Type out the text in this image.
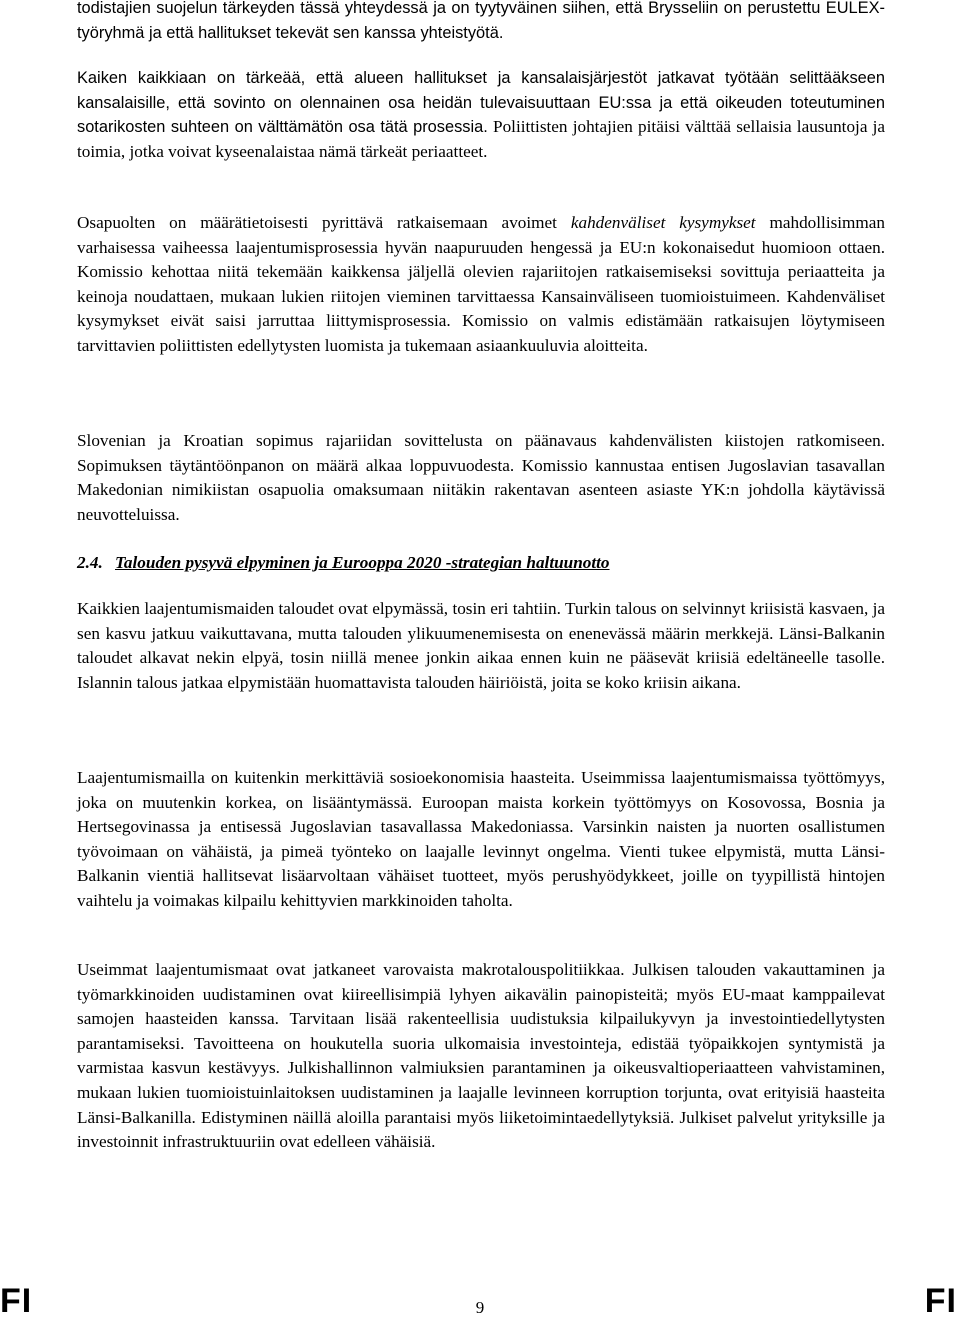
todistajien suojelun tärkeyden tässä yhteydessä ja on tyytyväinen siihen, että Brysseliin on perustettu EULEX-työryhmä ja että hallitukset tekevät sen kanssa yhteistyötä.

Kaiken kaikkiaan on tärkeää, että alueen hallitukset ja kansalaisjärjestöt jatkavat työtään selittääkseen kansalaisille, että sovinto on olennainen osa heidän tulevaisuuttaan EU:ssa ja että oikeuden toteutuminen sotarikosten suhteen on välttämätön osa tätä prosessia. Poliittisten johtajien pitäisi välttää sellaisia lausuntoja ja toimia, jotka voivat kyseenalaistaa nämä tärkeät periaatteet.

Osapuolten on määrätietoisesti pyrittävä ratkaisemaan avoimet kahdenväliset kysymykset mahdollisimman varhaisessa vaiheessa laajentumisprosessia hyvän naapuruuden hengessä ja EU:n kokonaisedut huomioon ottaen. Komissio kehottaa niitä tekemään kaikkensa jäljellä olevien rajariitojen ratkaisemiseksi sovittuja periaatteita ja keinoja noudattaen, mukaan lukien riitojen vieminen tarvittaessa Kansainväliseen tuomioistuimeen. Kahdenväliset kysymykset eivät saisi jarruttaa liittymisprosessia. Komissio on valmis edistämään ratkaisujen löytymiseen tarvittavien poliittisten edellytysten luomista ja tukemaan asiaankuuluvia aloitteita.

Slovenian ja Kroatian sopimus rajariidan sovittelusta on päänavaus kahdenvälisten kiistojen ratkomiseen. Sopimuksen täytäntöönpanon on määrä alkaa loppuvuodesta. Komissio kannustaa entisen Jugoslavian tasavallan Makedonian nimikiistan osapuolia omaksumaan niitäkin rakentavan asenteen asiaste YK:n johdolla käytävissä neuvotteluissa.

2.4. Talouden pysyvä elpyminen ja Eurooppa 2020 -strategian haltuunotto

Kaikkien laajentumismaiden taloudet ovat elpymässä, tosin eri tahtiin. Turkin talous on selvinnyt kriisistä kasvaen, ja sen kasvu jatkuu vaikuttavana, mutta talouden ylikuumenemisesta on enenevässä määrin merkkejä. Länsi-Balkanin taloudet alkavat nekin elpyä, tosin niillä menee jonkin aikaa ennen kuin ne pääsevät kriisiä edeltäneelle tasolle. Islannin talous jatkaa elpymistään huomattavista talouden häiriöistä, joita se koko kriisin aikana.

Laajentumismailla on kuitenkin merkittäviä sosioekonomisia haasteita. Useimmissa laajentumismaissa työttömyys, joka on muutenkin korkea, on lisääntymässä. Euroopan maista korkein työttömyys on Kosovossa, Bosnia ja Hertsegovinassa ja entisessä Jugoslavian tasavallassa Makedoniassa. Varsinkin naisten ja nuorten osallistumen työvoimaan on vähäistä, ja pimeä työnteko on laajalle levinnyt ongelma. Vienti tukee elpymistä, mutta Länsi-Balkanin vientiä hallitsevat lisäarvoltaan vähäiset tuotteet, myös perushyödykkeet, joille on tyypillistä hintojen vaihtelu ja voimakas kilpailu kehittyvien markkinoiden taholta.

Useimmat laajentumismaat ovat jatkaneet varovaista makrotalouspolitiikkaa. Julkisen talouden vakauttaminen ja työmarkkinoiden uudistaminen ovat kiireellisimpiä lyhyen aikavälin painopisteitä; myös EU-maat kamppailevat samojen haasteiden kanssa. Tarvitaan lisää rakenteellisia uudistuksia kilpailukyvyn ja investointiedellytysten parantamiseksi. Tavoitteena on houkutella suoria ulkomaisia investointeja, edistää työpaikkojen syntymistä ja varmistaa kasvun kestävyys. Julkishallinnon valmiuksien parantaminen ja oikeusvaltioperiaatteen vahvistaminen, mukaan lukien tuomioistuinlaitoksen uudistaminen ja laajalle levinneen korruption torjunta, ovat erityisiä haasteita Länsi-Balkanilla. Edistyminen näillä aloilla parantaisi myös liiketoimintaedellytyksiä. Julkiset palvelut yrityksille ja investoinnit infrastruktuuriin ovat edelleen vähäisiä.

FI	9	FI
